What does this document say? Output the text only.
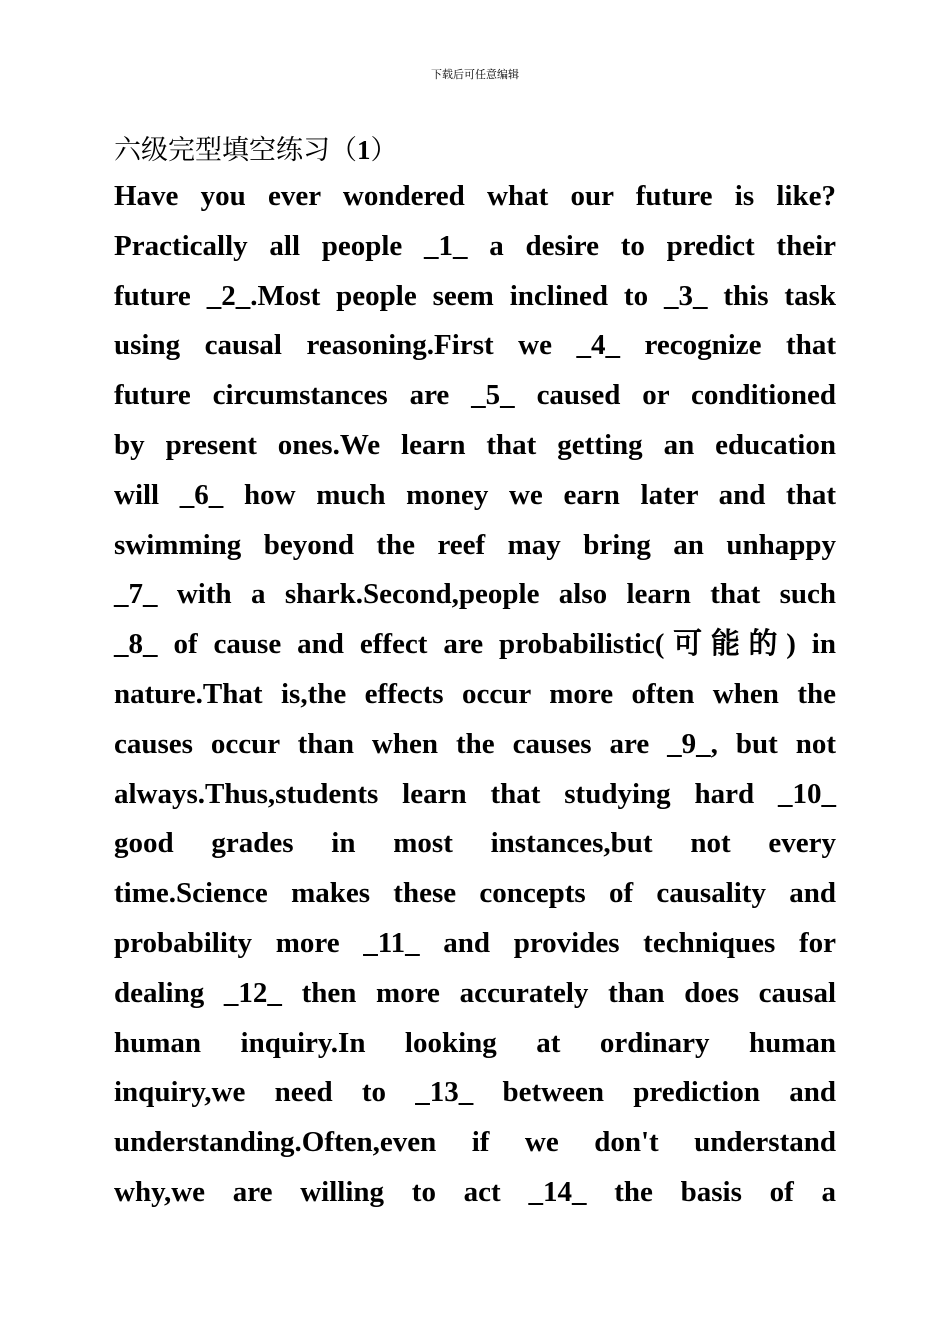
下载后可任意编辑
六级完型填空练习（1）
Have you ever wondered what our future is like?
Practically all people _1_ a desire to predict their
future _2_.Most people seem inclined to _3_ this task
using causal reasoning.First we _4_ recognize that
future circumstances are _5_ caused or conditioned
by present ones.We learn that getting an education
will _6_ how much money we earn later and that
swimming beyond the reef may bring an unhappy
_7_ with a shark.Second,people also learn that such
_8_ of cause and effect are probabilistic(可能的) in
nature.That is,the effects occur more often when the
causes occur than when the causes are _9_, but not
always.Thus,students learn that studying hard _10_
good grades in most instances,but not every
time.Science makes these concepts of causality and
probability more _11_ and provides techniques for
dealing _12_ then more accurately than does causal
human inquiry.In looking at ordinary human
inquiry,we need to _13_ between prediction and
understanding.Often,even if we don't understand
why,we are willing to act _14_ the basis of a
